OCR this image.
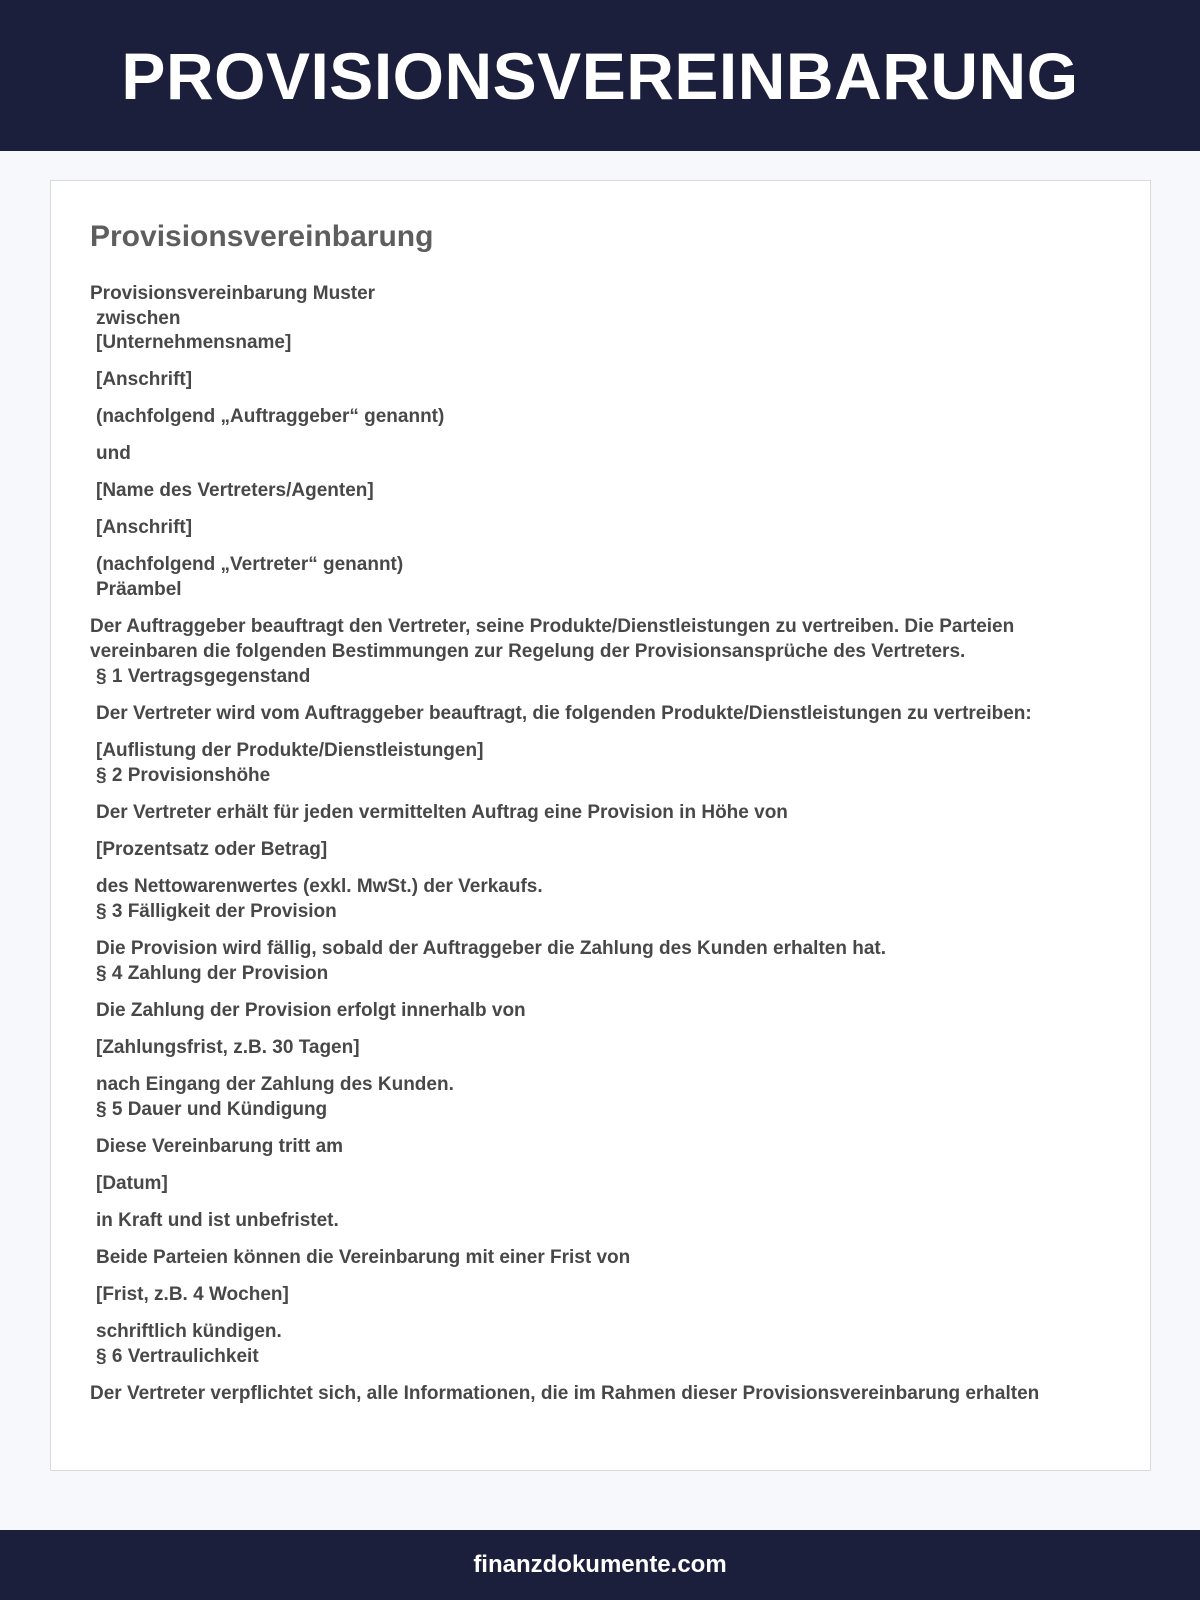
PROVISIONSVEREINBARUNG
Provisionsvereinbarung
Provisionsvereinbarung Muster
zwischen
[Unternehmensname]
[Anschrift]
(nachfolgend „Auftraggeber“ genannt)
und
[Name des Vertreters/Agenten]
[Anschrift]
(nachfolgend „Vertreter“ genannt)
Präambel
Der Auftraggeber beauftragt den Vertreter, seine Produkte/Dienstleistungen zu vertreiben. Die Parteien vereinbaren die folgenden Bestimmungen zur Regelung der Provisionsansprüche des Vertreters.
§ 1 Vertragsgegenstand
Der Vertreter wird vom Auftraggeber beauftragt, die folgenden Produkte/Dienstleistungen zu vertreiben:
[Auflistung der Produkte/Dienstleistungen]
§ 2 Provisionshöhe
Der Vertreter erhält für jeden vermittelten Auftrag eine Provision in Höhe von
[Prozentsatz oder Betrag]
des Nettowarenwertes (exkl. MwSt.) der Verkaufs.
§ 3 Fälligkeit der Provision
Die Provision wird fällig, sobald der Auftraggeber die Zahlung des Kunden erhalten hat.
§ 4 Zahlung der Provision
Die Zahlung der Provision erfolgt innerhalb von
[Zahlungsfrist, z.B. 30 Tagen]
nach Eingang der Zahlung des Kunden.
§ 5 Dauer und Kündigung
Diese Vereinbarung tritt am
[Datum]
in Kraft und ist unbefristet.
Beide Parteien können die Vereinbarung mit einer Frist von
[Frist, z.B. 4 Wochen]
schriftlich kündigen.
§ 6 Vertraulichkeit
Der Vertreter verpflichtet sich, alle Informationen, die im Rahmen dieser Provisionsvereinbarung erhalten
finanzdokumente.com
